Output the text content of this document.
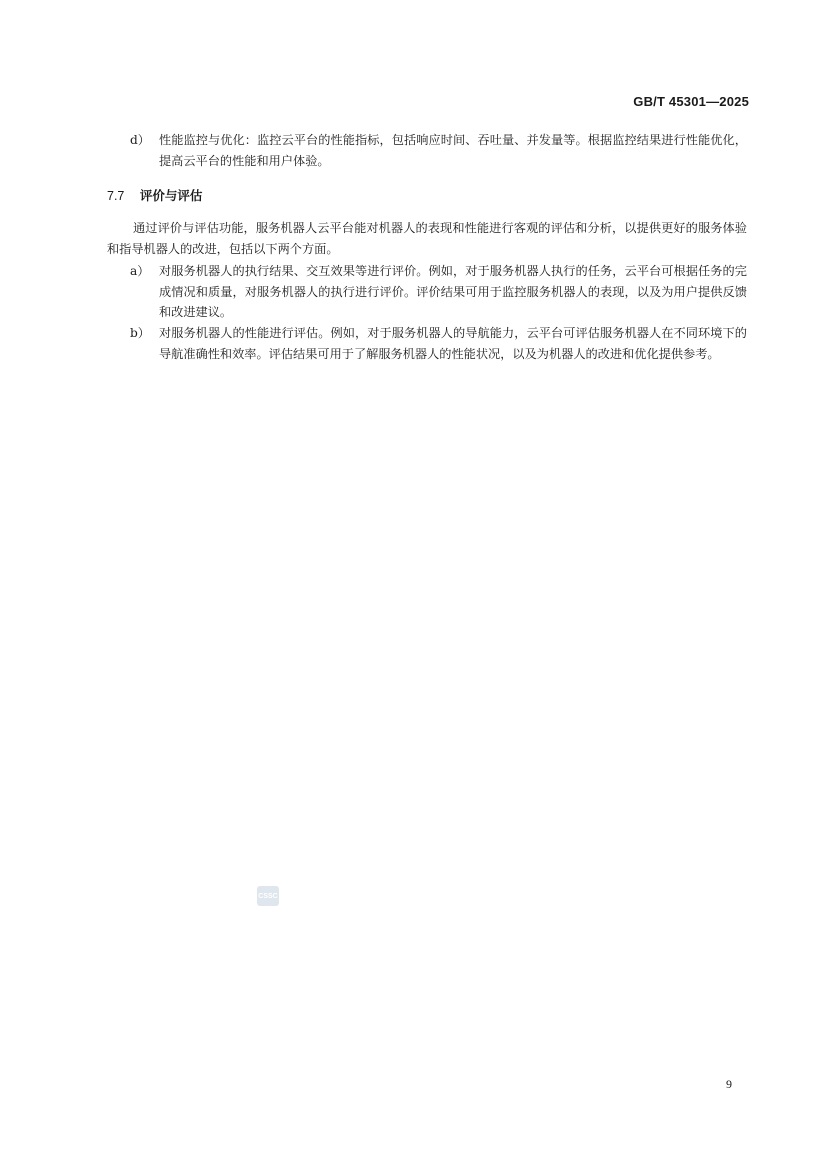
GB/T 45301—2025
d） 性能监控与优化：监控云平台的性能指标，包括响应时间、吞吐量、并发量等。根据监控结果进行性能优化，提高云平台的性能和用户体验。
7.7 评价与评估
通过评价与评估功能，服务机器人云平台能对机器人的表现和性能进行客观的评估和分析，以提供更好的服务体验和指导机器人的改进，包括以下两个方面。
a） 对服务机器人的执行结果、交互效果等进行评价。例如，对于服务机器人执行的任务，云平台可根据任务的完成情况和质量，对服务机器人的执行进行评价。评价结果可用于监控服务机器人的表现，以及为用户提供反馈和改进建议。
b） 对服务机器人的性能进行评估。例如，对于服务机器人的导航能力，云平台可评估服务机器人在不同环境下的导航准确性和效率。评估结果可用于了解服务机器人的性能状况，以及为机器人的改进和优化提供参考。
CSSC
9
